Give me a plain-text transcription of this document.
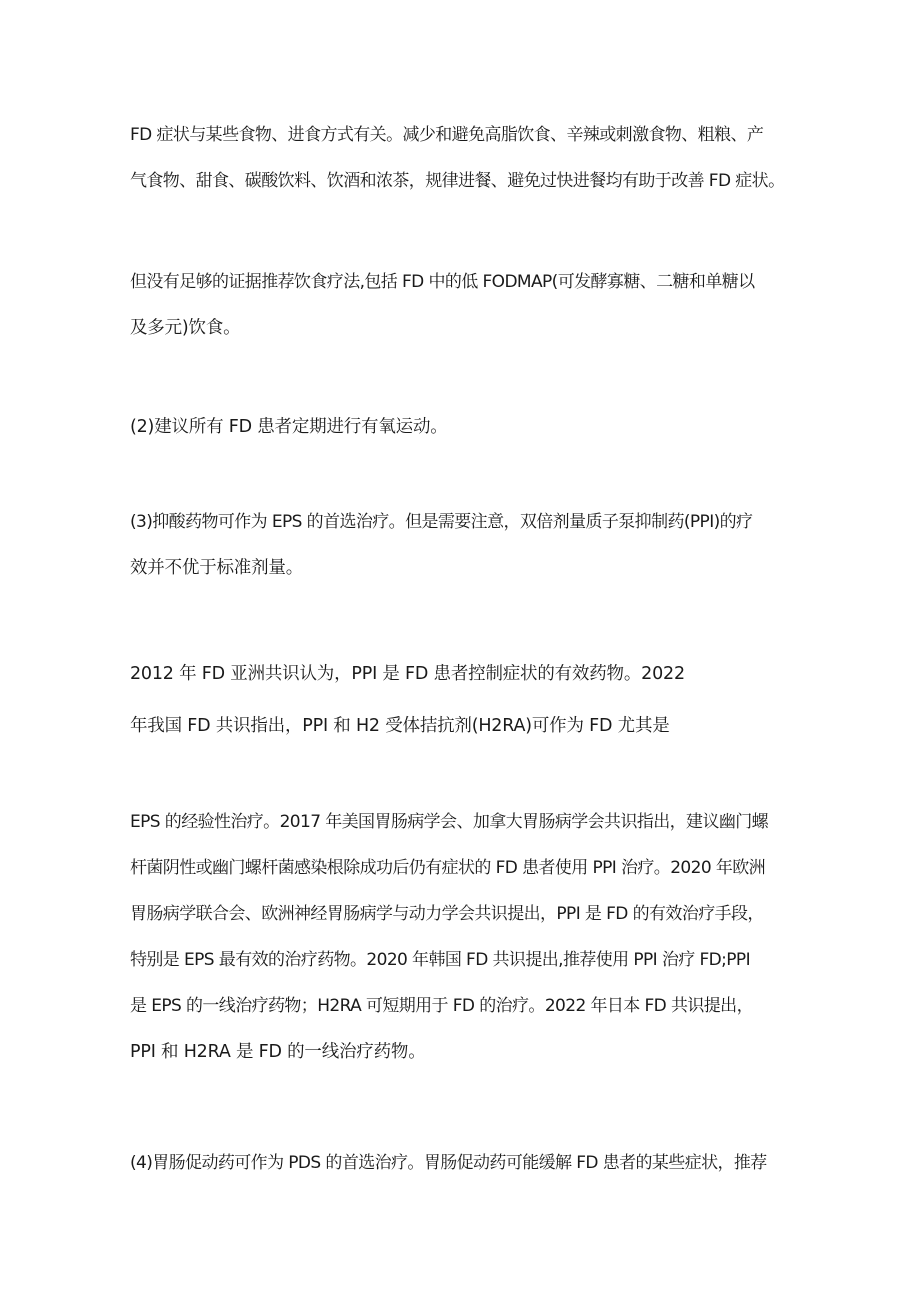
FD 症状与某些食物、进食方式有关。减少和避免高脂饮食、辛辣或刺激食物、粗粮、产
气食物、甜食、碳酸饮料、饮酒和浓茶，规律进餐、避免过快进餐均有助于改善 FD 症状。
但没有足够的证据推荐饮食疗法,包括 FD 中的低 FODMAP(可发酵寡糖、二糖和单糖以
及多元)饮食。
(2)建议所有 FD 患者定期进行有氧运动。
(3)抑酸药物可作为 EPS 的首选治疗。但是需要注意，双倍剂量质子泵抑制药(PPI)的疗
效并不优于标准剂量。
2012 年 FD 亚洲共识认为，PPI 是 FD 患者控制症状的有效药物。2022
年我国 FD 共识指出，PPI 和 H2 受体拮抗剂(H2RA)可作为 FD 尤其是
EPS 的经验性治疗。2017 年美国胃肠病学会、加拿大胃肠病学会共识指出，建议幽门螺
杆菌阴性或幽门螺杆菌感染根除成功后仍有症状的 FD 患者使用 PPI 治疗。2020 年欧洲
胃肠病学联合会、欧洲神经胃肠病学与动力学会共识提出，PPI 是 FD 的有效治疗手段，
特别是 EPS 最有效的治疗药物。2020 年韩国 FD 共识提出,推荐使用 PPI 治疗 FD;PPI
是 EPS 的一线治疗药物；H2RA 可短期用于 FD 的治疗。2022 年日本 FD 共识提出，
PPI 和 H2RA 是 FD 的一线治疗药物。
(4)胃肠促动药可作为 PDS 的首选治疗。胃肠促动药可能缓解 FD 患者的某些症状，推荐
